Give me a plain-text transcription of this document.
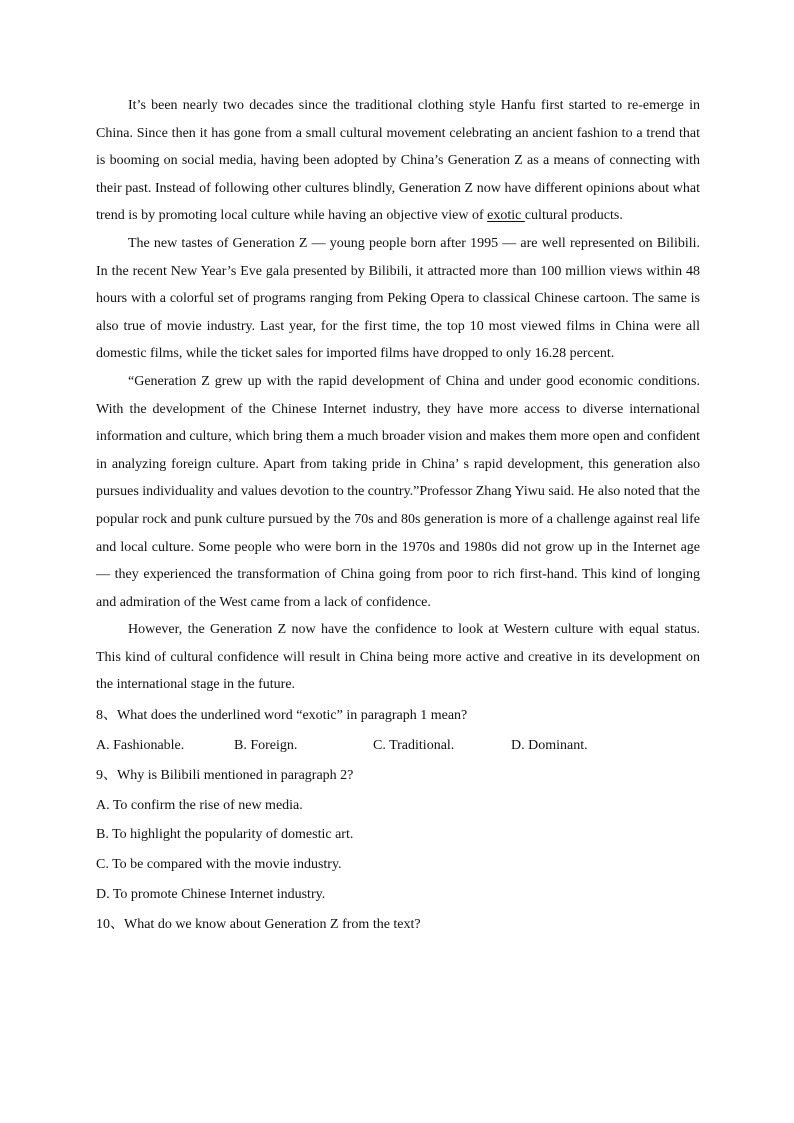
It’s been nearly two decades since the traditional clothing style Hanfu first started to re-emerge in China. Since then it has gone from a small cultural movement celebrating an ancient fashion to a trend that is booming on social media, having been adopted by China’s Generation Z as a means of connecting with their past. Instead of following other cultures blindly, Generation Z now have different opinions about what trend is by promoting local culture while having an objective view of exotic cultural products.

The new tastes of Generation Z — young people born after 1995 — are well represented on Bilibili. In the recent New Year’s Eve gala presented by Bilibili, it attracted more than 100 million views within 48 hours with a colorful set of programs ranging from Peking Opera to classical Chinese cartoon. The same is also true of movie industry. Last year, for the first time, the top 10 most viewed films in China were all domestic films, while the ticket sales for imported films have dropped to only 16.28 percent.

“Generation Z grew up with the rapid development of China and under good economic conditions. With the development of the Chinese Internet industry, they have more access to diverse international information and culture, which bring them a much broader vision and makes them more open and confident in analyzing foreign culture. Apart from taking pride in China’ s rapid development, this generation also pursues individuality and values devotion to the country.”Professor Zhang Yiwu said. He also noted that the popular rock and punk culture pursued by the 70s and 80s generation is more of a challenge against real life and local culture. Some people who were born in the 1970s and 1980s did not grow up in the Internet age — they experienced the transformation of China going from poor to rich first-hand. This kind of longing and admiration of the West came from a lack of confidence.

However, the Generation Z now have the confidence to look at Western culture with equal status. This kind of cultural confidence will result in China being more active and creative in its development on the international stage in the future.

8、What does the underlined word “exotic” in paragraph 1 mean?

A. Fashionable.	B. Foreign.	C. Traditional.	D. Dominant.

9、Why is Bilibili mentioned in paragraph 2?

A. To confirm the rise of new media.

B. To highlight the popularity of domestic art.

C. To be compared with the movie industry.

D. To promote Chinese Internet industry.

10、What do we know about Generation Z from the text?
